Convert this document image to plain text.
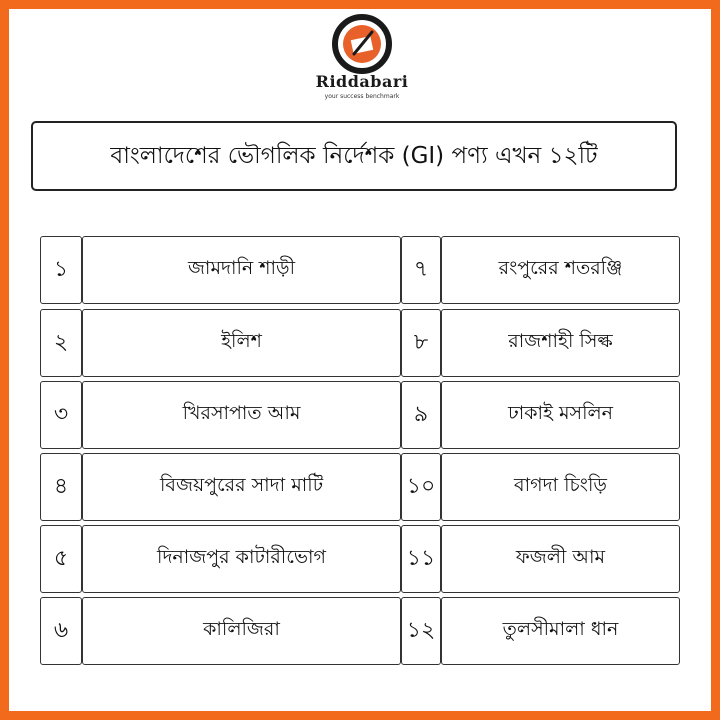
Riddabari
your success benchmark
বাংলাদেশের ভৌগলিক নির্দেশক (GI) পণ্য এখন ১২টি
১	জামদানি শাড়ী	৭	রংপুরের শতরঞ্জি
২	ইলিশ	৮	রাজশাহী সিল্ক
৩	খিরসাপাত আম	৯	ঢাকাই মসলিন
৪	বিজয়পুরের সাদা মাটি	১০	বাগদা চিংড়ি
৫	দিনাজপুর কাটারীভোগ	১১	ফজলী আম
৬	কালিজিরা	১২	তুলসীমালা ধান
